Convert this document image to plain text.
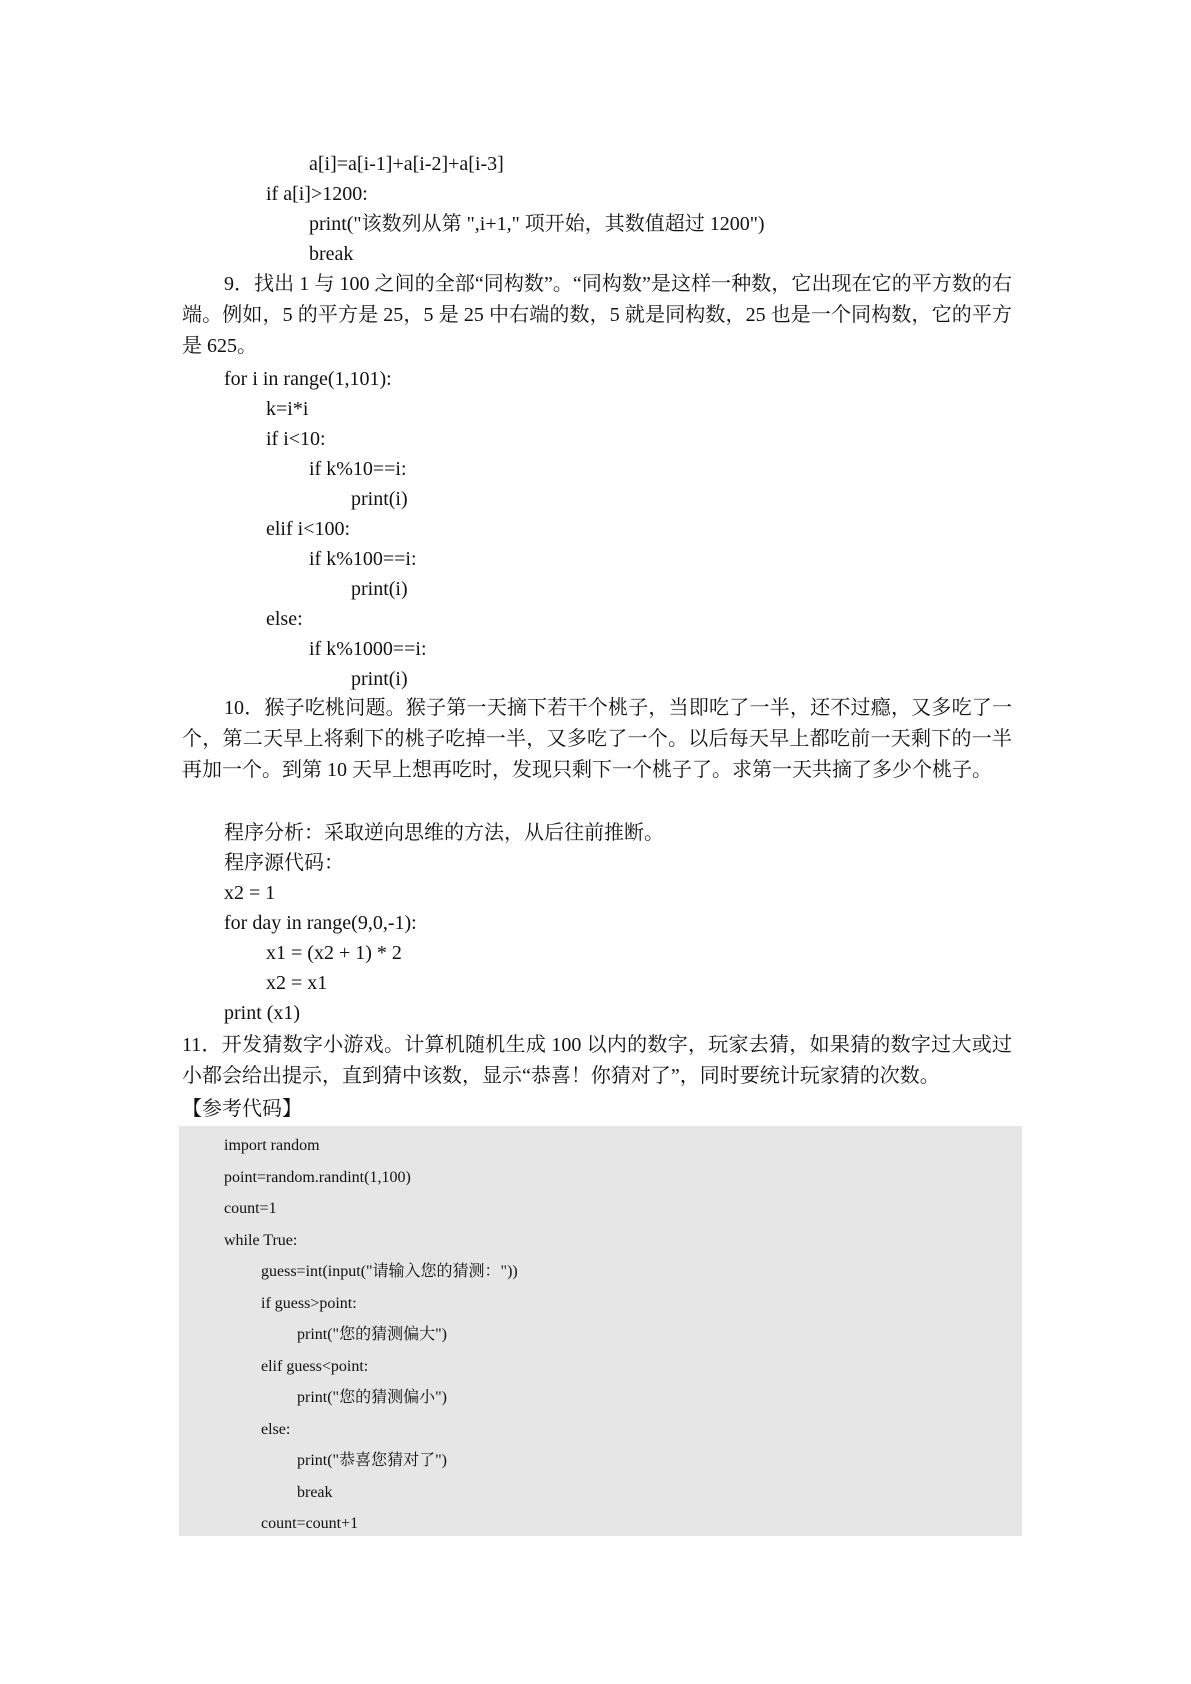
a[i]=a[i-1]+a[i-2]+a[i-3]
if a[i]>1200:
print("该数列从第 ",i+1," 项开始，其数值超过 1200")
break

9．找出 1 与 100 之间的全部“同构数”。“同构数”是这样一种数，它出现在它的平方数的右端。例如，5 的平方是 25，5 是 25 中右端的数，5 就是同构数，25 也是一个同构数，它的平方是 625。

for i in range(1,101):
k=i*i
if i<10:
if k%10==i:
print(i)
elif i<100:
if k%100==i:
print(i)
else:
if k%1000==i:
print(i)

10．猴子吃桃问题。猴子第一天摘下若干个桃子，当即吃了一半，还不过瘾，又多吃了一个，第二天早上将剩下的桃子吃掉一半，又多吃了一个。以后每天早上都吃前一天剩下的一半再加一个。到第 10 天早上想再吃时，发现只剩下一个桃子了。求第一天共摘了多少个桃子。

程序分析：采取逆向思维的方法，从后往前推断。
程序源代码：
x2 = 1
for day in range(9,0,-1):
x1 = (x2 + 1) * 2
x2 = x1
print (x1)

11．开发猜数字小游戏。计算机随机生成 100 以内的数字，玩家去猜，如果猜的数字过大或过小都会给出提示，直到猜中该数，显示“恭喜！你猜对了”，同时要统计玩家猜的次数。

【参考代码】
import random
point=random.randint(1,100)
count=1
while True:
guess=int(input("请输入您的猜测："))
if guess>point:
print("您的猜测偏大")
elif guess<point:
print("您的猜测偏小")
else:
print("恭喜您猜对了")
break
count=count+1
